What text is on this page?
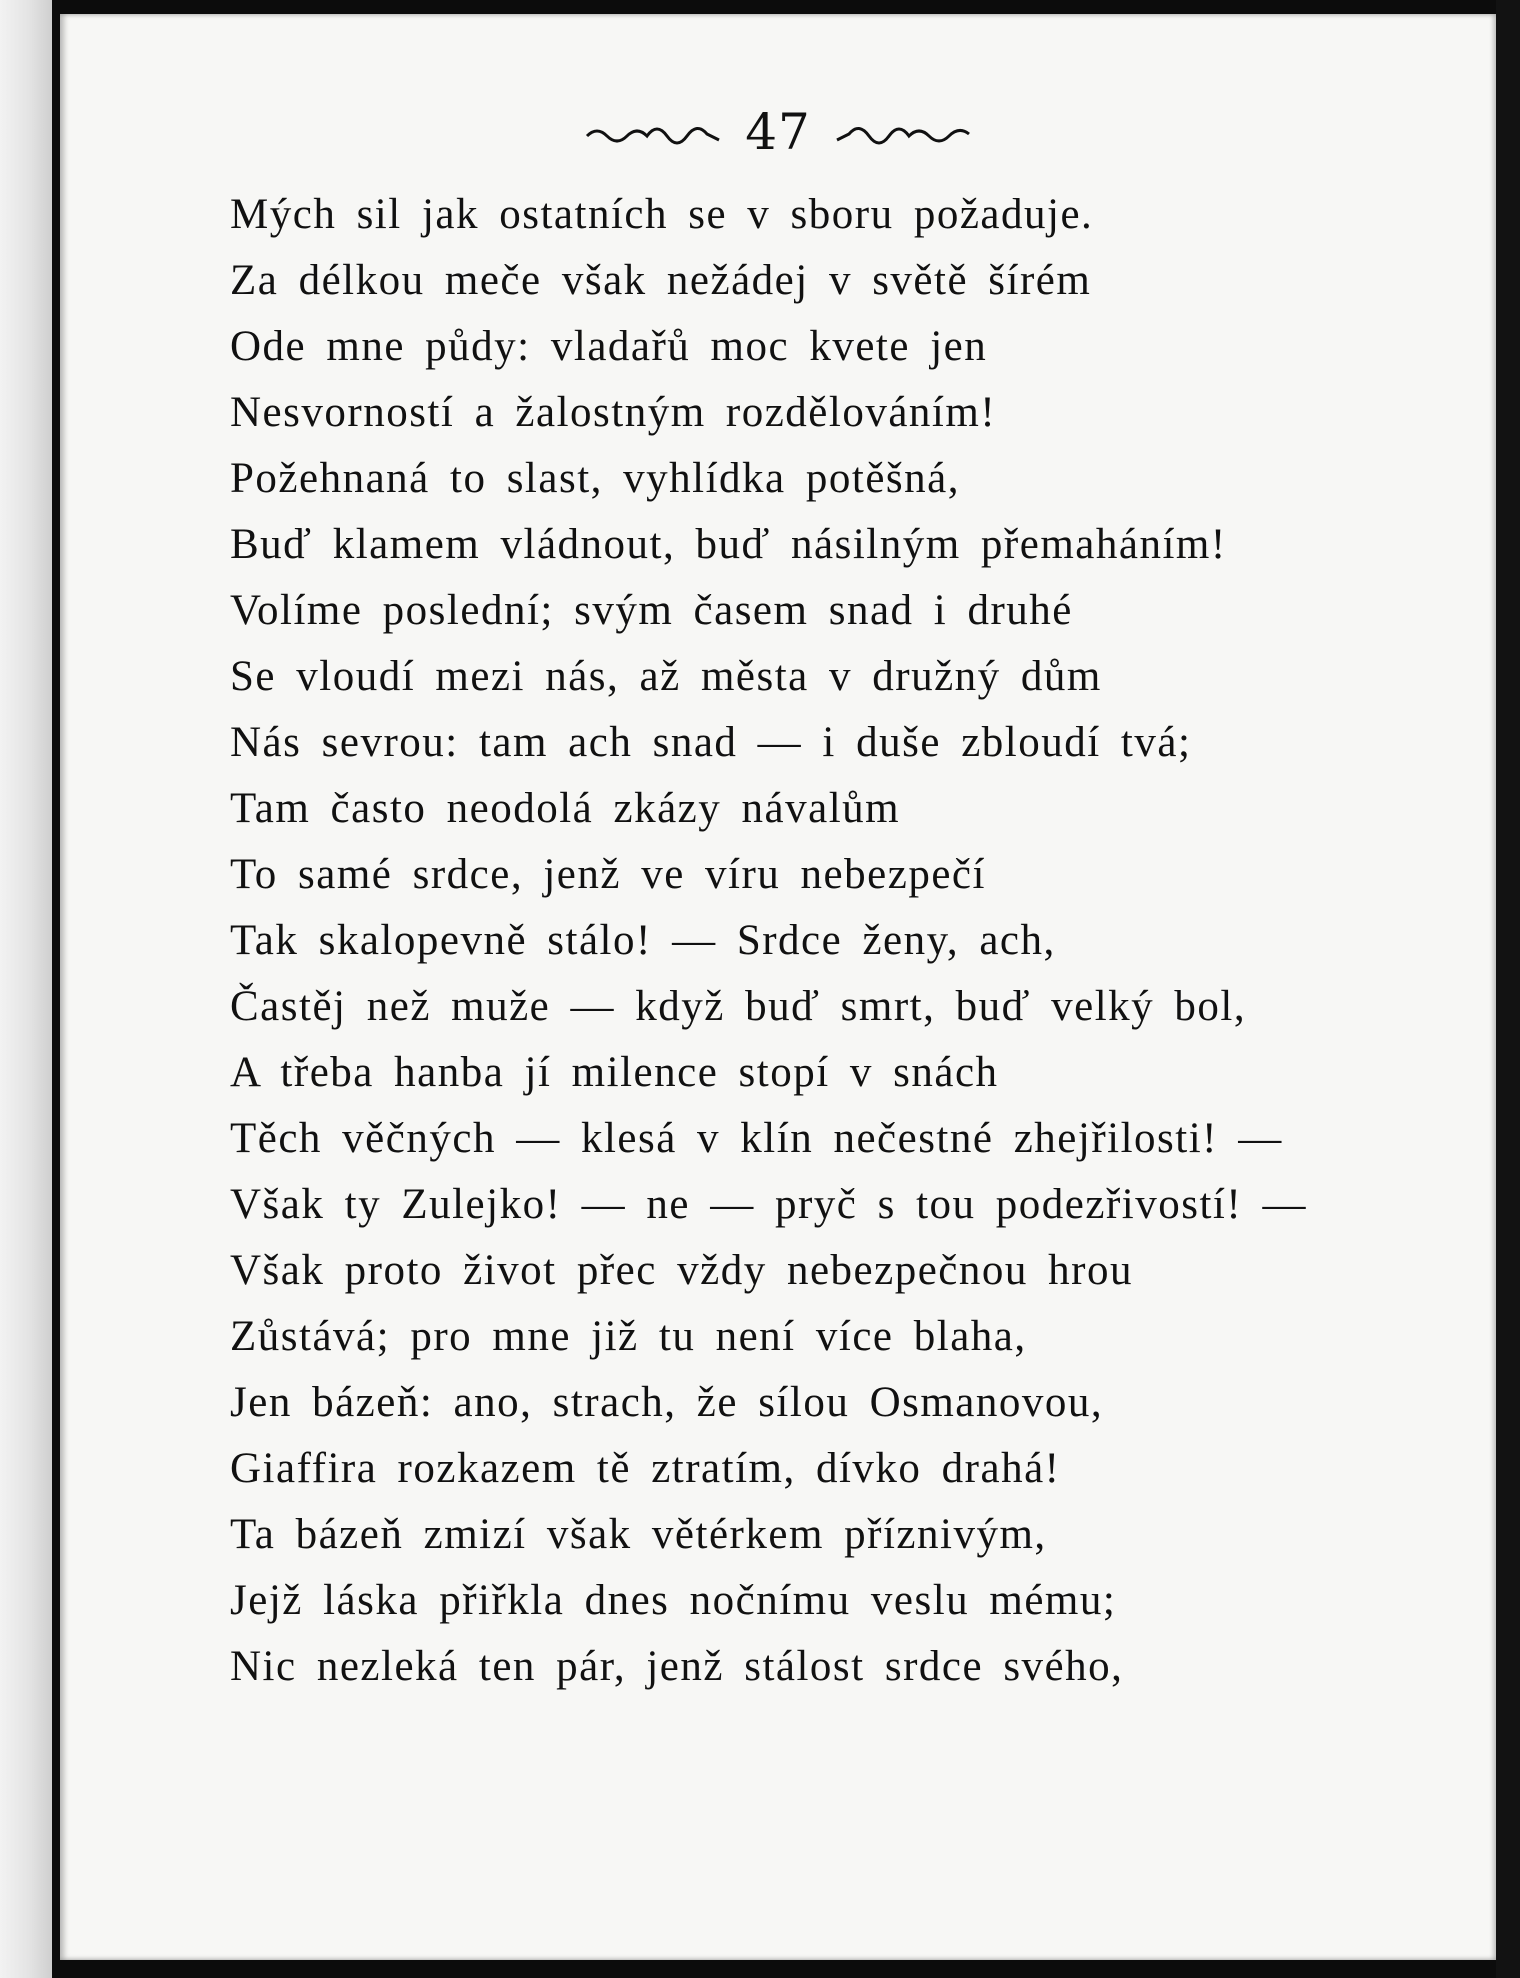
47
Mých sil jak ostatních se v sboru požaduje.
Za délkou meče však nežádej v světě šírém
Ode mne půdy: vladařů moc kvete jen
Nesvorností a žalostným rozdělováním!
Požehnaná to slast, vyhlídka potěšná,
Buď klamem vládnout, buď násilným přemaháním!
Volíme poslední; svým časem snad i druhé
Se vloudí mezi nás, až města v družný dům
Nás sevrou: tam ach snad — i duše zbloudí tvá;
Tam často neodolá zkázy návalům
To samé srdce, jenž ve víru nebezpečí
Tak skalopevně stálo! — Srdce ženy, ach,
Častěj než muže — když buď smrt, buď velký bol,
A třeba hanba jí milence stopí v snách
Těch věčných — klesá v klín nečestné zhejřilosti! —
Však ty Zulejko! — ne — pryč s tou podezřivostí! —
Však proto život přec vždy nebezpečnou hrou
Zůstává; pro mne již tu není více blaha,
Jen bázeň: ano, strach, že sílou Osmanovou,
Giaffira rozkazem tě ztratím, dívko drahá!
Ta bázeň zmizí však větérkem příznivým,
Jejž láska přiřkla dnes nočnímu veslu mému;
Nic nezleká ten pár, jenž stálost srdce svého,
